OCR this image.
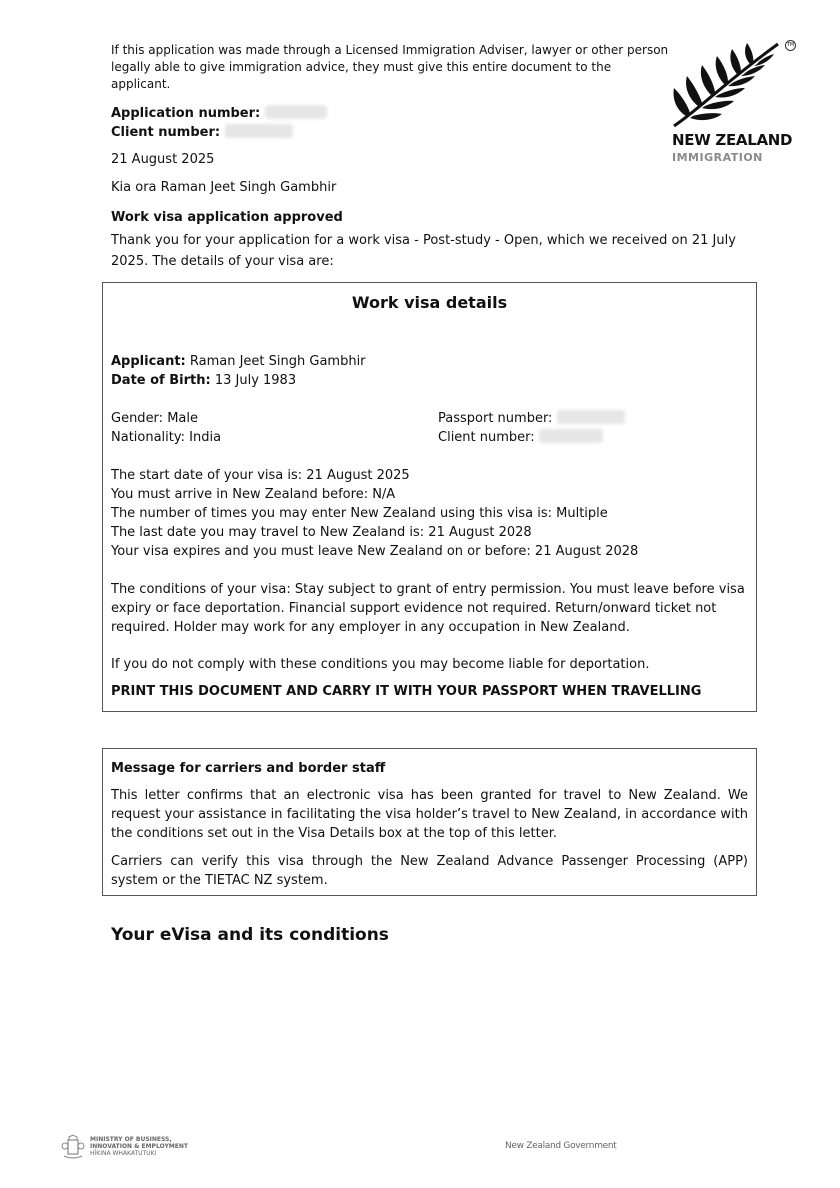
If this application was made through a Licensed Immigration Adviser, lawyer or other person
legally able to give immigration advice, they must give this entire document to the applicant.
TM
NEW ZEALAND
IMMIGRATION
Application number:
Client number:
21 August 2025
Kia ora Raman Jeet Singh Gambhir
Work visa application approved
Thank you for your application for a work visa - Post-study - Open, which we received on 21 July
2025. The details of your visa are:
Work visa details
Applicant: Raman Jeet Singh Gambhir
Date of Birth: 13 July 1983
Gender: Male
Nationality: India
Passport number:
Client number:
The start date of your visa is: 21 August 2025
You must arrive in New Zealand before: N/A
The number of times you may enter New Zealand using this visa is: Multiple
The last date you may travel to New Zealand is: 21 August 2028
Your visa expires and you must leave New Zealand on or before: 21 August 2028
The conditions of your visa: Stay subject to grant of entry permission. You must leave before visa
expiry or face deportation. Financial support evidence not required. Return/onward ticket not
required. Holder may work for any employer in any occupation in New Zealand.
If you do not comply with these conditions you may become liable for deportation.
PRINT THIS DOCUMENT AND CARRY IT WITH YOUR PASSPORT WHEN TRAVELLING
Message for carriers and border staff
This letter confirms that an electronic visa has been granted for travel to New Zealand. We request your assistance in facilitating the visa holder’s travel to New Zealand, in accordance with the conditions set out in the Visa Details box at the top of this letter.
Carriers can verify this visa through the New Zealand Advance Passenger Processing (APP) system or the TIETAC NZ system.
Your eVisa and its conditions
MINISTRY OF BUSINESS,
INNOVATION & EMPLOYMENT
HĪKINA WHAKATUTUKI
New Zealand Government
